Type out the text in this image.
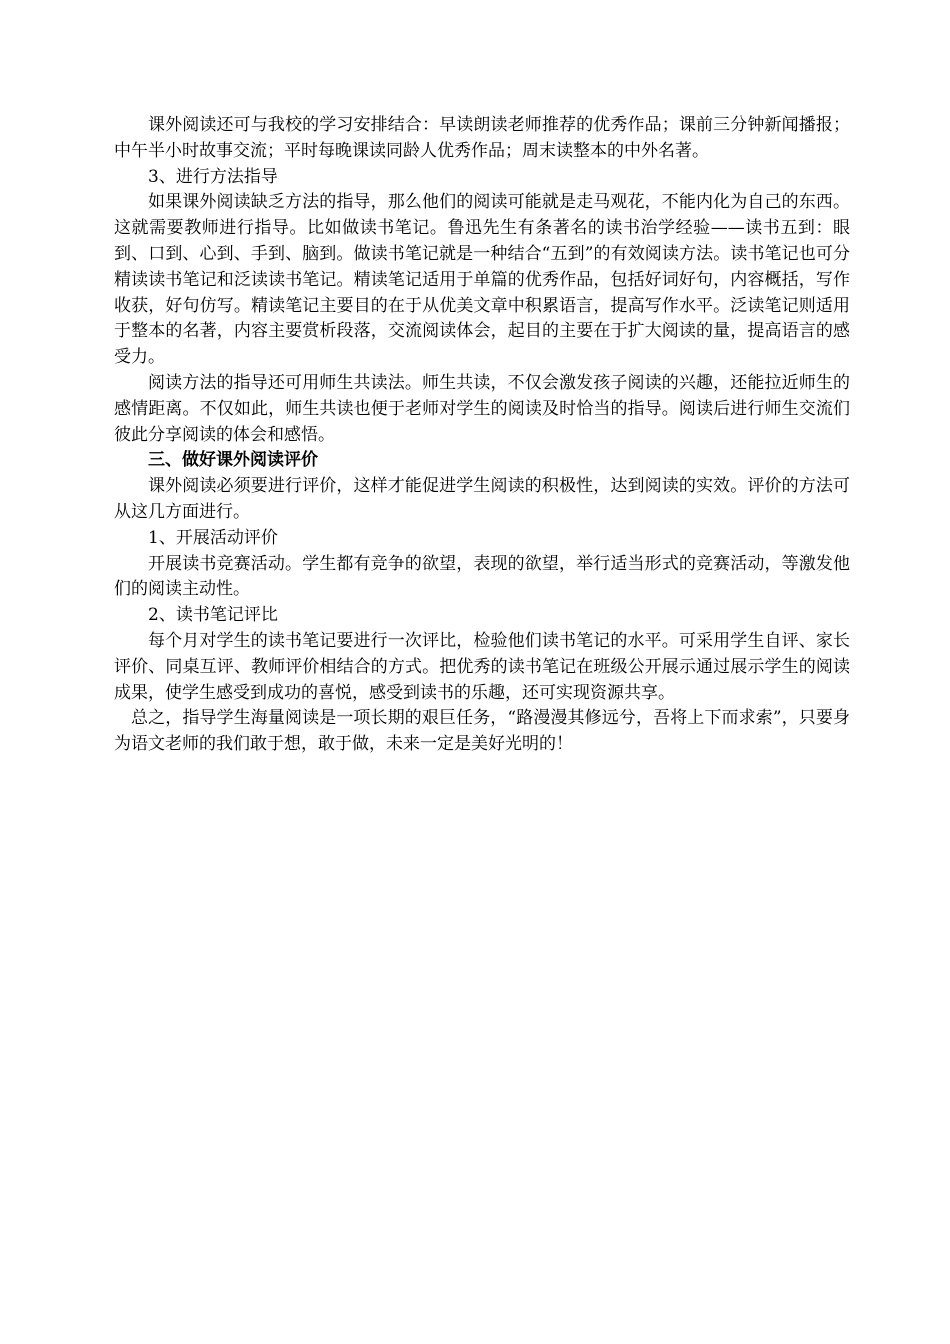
课外阅读还可与我校的学习安排结合：早读朗读老师推荐的优秀作品；课前三分钟新闻播报；中午半小时故事交流；平时每晚课读同龄人优秀作品；周末读整本的中外名著。

3、进行方法指导

如果课外阅读缺乏方法的指导，那么他们的阅读可能就是走马观花，不能内化为自己的东西。这就需要教师进行指导。比如做读书笔记。鲁迅先生有条著名的读书治学经验——读书五到：眼到、口到、心到、手到、脑到。做读书笔记就是一种结合“五到”的有效阅读方法。读书笔记也可分精读读书笔记和泛读读书笔记。精读笔记适用于单篇的优秀作品，包括好词好句，内容概括，写作收获，好句仿写。精读笔记主要目的在于从优美文章中积累语言，提高写作水平。泛读笔记则适用于整本的名著，内容主要赏析段落，交流阅读体会，起目的主要在于扩大阅读的量，提高语言的感受力。

阅读方法的指导还可用师生共读法。师生共读，不仅会激发孩子阅读的兴趣，还能拉近师生的感情距离。不仅如此，师生共读也便于老师对学生的阅读及时恰当的指导。阅读后进行师生交流们彼此分享阅读的体会和感悟。

三、做好课外阅读评价

课外阅读必须要进行评价，这样才能促进学生阅读的积极性，达到阅读的实效。评价的方法可从这几方面进行。

1、开展活动评价

开展读书竞赛活动。学生都有竞争的欲望，表现的欲望，举行适当形式的竞赛活动，等激发他们的阅读主动性。

2、读书笔记评比

每个月对学生的读书笔记要进行一次评比，检验他们读书笔记的水平。可采用学生自评、家长评价、同桌互评、教师评价相结合的方式。把优秀的读书笔记在班级公开展示通过展示学生的阅读成果，使学生感受到成功的喜悦，感受到读书的乐趣，还可实现资源共享。

总之，指导学生海量阅读是一项长期的艰巨任务，“路漫漫其修远兮，吾将上下而求索”，只要身为语文老师的我们敢于想，敢于做，未来一定是美好光明的！
